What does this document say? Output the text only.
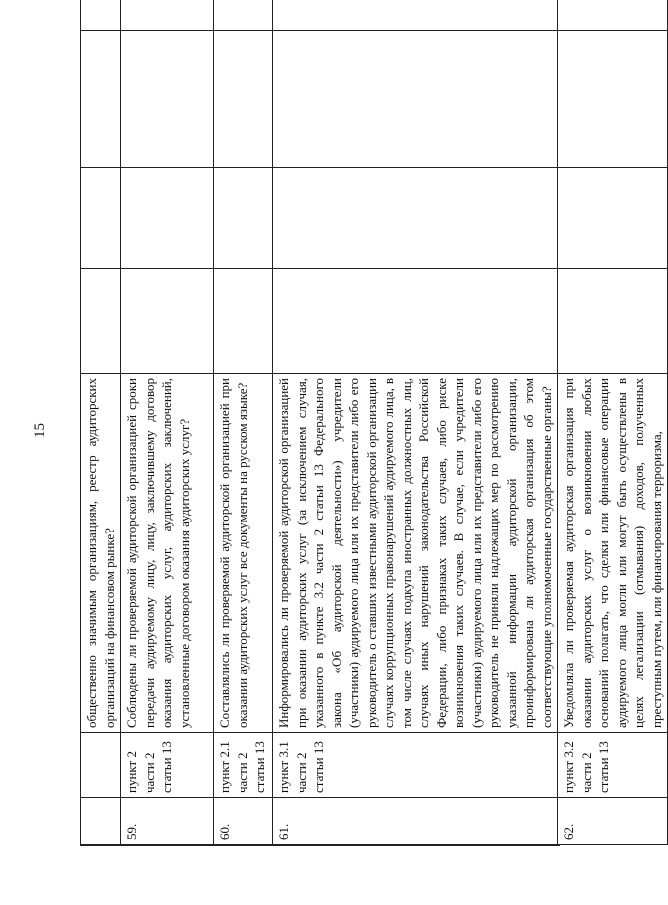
15

		общественно значимым организациям, реестр аудиторских организаций на финансовом рынке?				

59.	пункт 2 части 2 статьи 13	Соблюдены ли проверяемой аудиторской организацией сроки передачи аудируемому лицу, лицу, заключившему договор оказания аудиторских услуг, аудиторских заключений, установленные договором оказания аудиторских услуг?				

60.	пункт 2.1 части 2 статьи 13	Составлялись ли проверяемой аудиторской организацией при оказании аудиторских услуг все документы на русском языке?				

61.	пункт 3.1 части 2 статьи 13	Информировались ли проверяемой аудиторской организацией при оказании аудиторских услуг (за исключением случая, указанного в пункте 3.2 части 2 статьи 13 Федерального закона «Об аудиторской деятельности») учредители (участники) аудируемого лица или их представители либо его руководитель о ставших известными аудиторской организации случаях коррупционных правонарушений аудируемого лица, в том числе случаях подкупа иностранных должностных лиц, случаях иных нарушений законодательства Российской Федерации, либо признаках таких случаев, либо риске возникновения таких случаев. В случае, если учредители (участники) аудируемого лица или их представители либо его руководитель не приняли надлежащих мер по рассмотрению указанной информации аудиторской организации, проинформирована ли аудиторская организация об этом соответствующие уполномоченные государственные органы?				

62.	пункт 3.2 части 2 статьи 13	Уведомляла ли проверяемая аудиторская организация при оказании аудиторских услуг о возникновении любых оснований полагать, что сделки или финансовые операции аудируемого лица могли или могут быть осуществлены в целях легализации (отмывания) доходов, полученных преступным путем, или финансирования терроризма,				
